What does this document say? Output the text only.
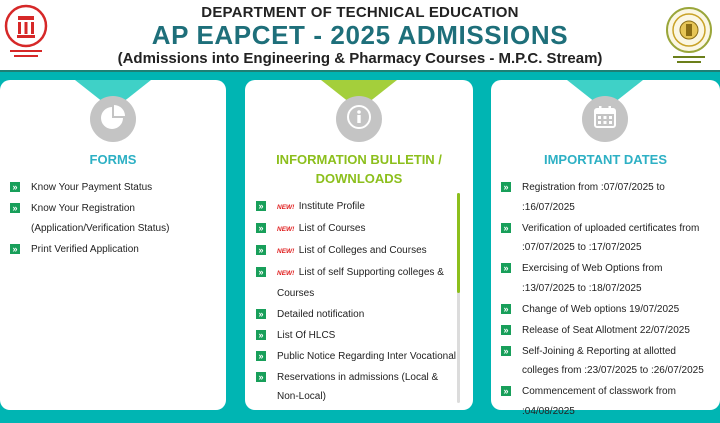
DEPARTMENT OF TECHNICAL EDUCATION
AP EAPCET - 2025 ADMISSIONS
(Admissions into Engineering & Pharmacy Courses - M.P.C. Stream)
FORMS
» Know Your Payment Status
» Know Your Registration (Application/Verification Status)
» Print Verified Application
INFORMATION BULLETIN / DOWNLOADS
»	NEW! Institute Profile
»	NEW! List of Courses
»	NEW! List of Colleges and Courses
»	NEW! List of self Supporting colleges & Courses
» Detailed notification
» List Of HLCS
» Public Notice Regarding Inter Vocational
» Reservations in admissions (Local & Non-Local)
IMPORTANT DATES
» Registration from :07/07/2025 to :16/07/2025
» Verification of uploaded certificates from :07/07/2025 to :17/07/2025
» Exercising of Web Options from :13/07/2025 to :18/07/2025
» Change of Web options 19/07/2025
» Release of Seat Allotment 22/07/2025
» Self-Joining & Reporting at allotted colleges from :23/07/2025 to :26/07/2025
» Commencement of classwork from :04/08/2025
